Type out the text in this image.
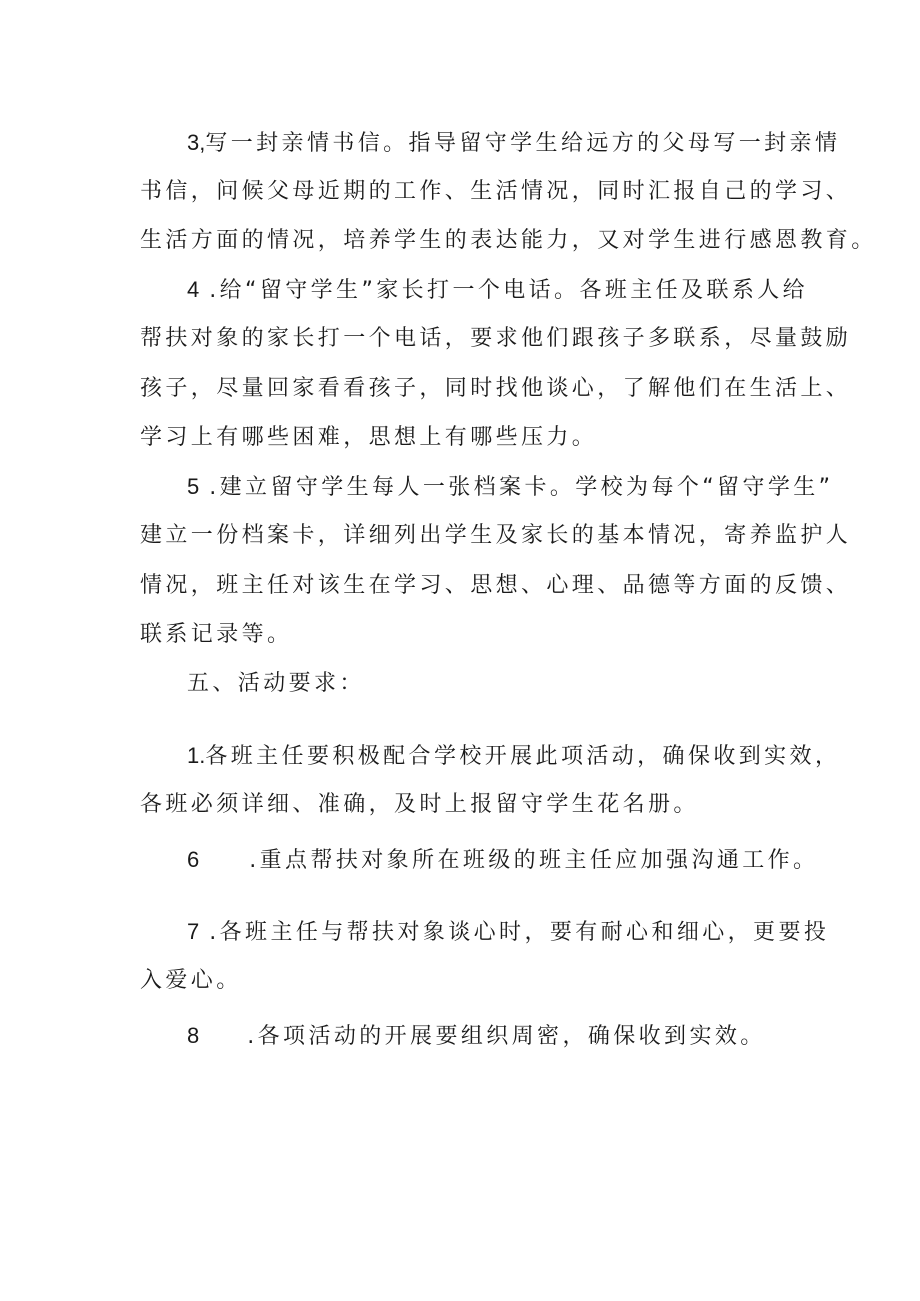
3,写一封亲情书信。指导留守学生给远方的父母写一封亲情
书信，问候父母近期的工作、生活情况，同时汇报自己的学习、
生活方面的情况，培养学生的表达能力，又对学生进行感恩教育。
4 .给“留守学生”家长打一个电话。各班主任及联系人给
帮扶对象的家长打一个电话，要求他们跟孩子多联系，尽量鼓励
孩子，尽量回家看看孩子，同时找他谈心，了解他们在生活上、
学习上有哪些困难，思想上有哪些压力。
5 .建立留守学生每人一张档案卡。学校为每个“留守学生”
建立一份档案卡，详细列出学生及家长的基本情况，寄养监护人
情况，班主任对该生在学习、思想、心理、品德等方面的反馈、
联系记录等。
五、活动要求：
1.各班主任要积极配合学校开展此项活动，确保收到实效，
各班必须详细、准确，及时上报留守学生花名册。
6 .重点帮扶对象所在班级的班主任应加强沟通工作。
7 .各班主任与帮扶对象谈心时，要有耐心和细心，更要投
入爱心。
8 .各项活动的开展要组织周密，确保收到实效。
